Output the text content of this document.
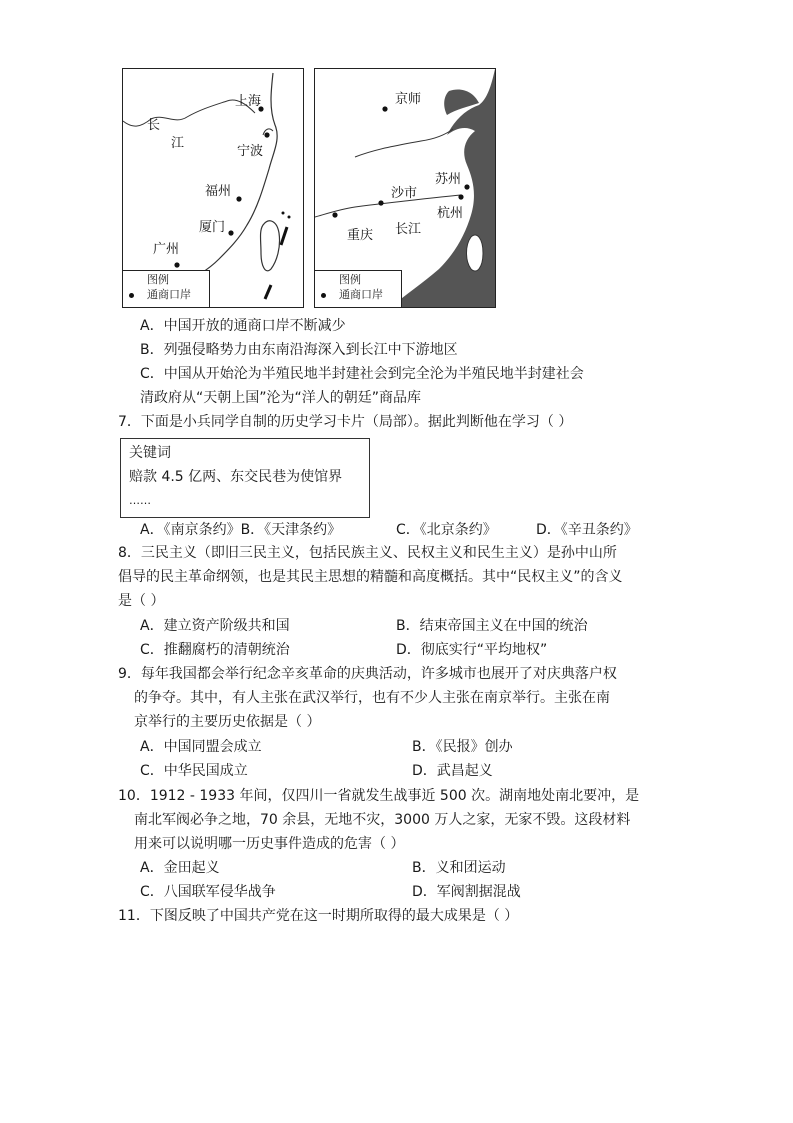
上海
长
江
宁波
福州
厦门
广州
图例
通商口岸
京师
苏州
沙市
杭州
重庆 长江
图例
通商口岸
A．中国开放的通商口岸不断减少
B．列强侵略势力由东南沿海深入到长江中下游地区
C．中国从开始沦为半殖民地半封建社会到完全沦为半殖民地半封建社会
清政府从“天朝上国”沦为“洋人的朝廷”商品库
7．下面是小兵同学自制的历史学习卡片（局部）。据此判断他在学习（ ）
关键词
赔款 4.5 亿两、东交民巷为使馆界
……
A．《南京条约》B．《天津条约》	C．《北京条约》	D．《辛丑条约》
8．三民主义（即旧三民主义，包括民族主义、民权主义和民生主义）是孙中山所
倡导的民主革命纲领，也是其民主思想的精髓和高度概括。其中“民权主义”的含义
是（ ）
A．建立资产阶级共和国	B．结束帝国主义在中国的统治
C．推翻腐朽的清朝统治	D．彻底实行“平均地权”
9．每年我国都会举行纪念辛亥革命的庆典活动，许多城市也展开了对庆典落户权
的争夺。其中，有人主张在武汉举行，也有不少人主张在南京举行。主张在南
京举行的主要历史依据是（ ）
A．中国同盟会成立	B．《民报》创办
C．中华民国成立	D．武昌起义
10．1912 - 1933 年间，仅四川一省就发生战事近 500 次。湖南地处南北要冲，是
南北军阀必争之地，70 余县，无地不灾，3000 万人之家，无家不毁。这段材料
用来可以说明哪一历史事件造成的危害（ ）
A．金田起义	B．义和团运动
C．八国联军侵华战争	D．军阀割据混战
11．下图反映了中国共产党在这一时期所取得的最大成果是（ ）
